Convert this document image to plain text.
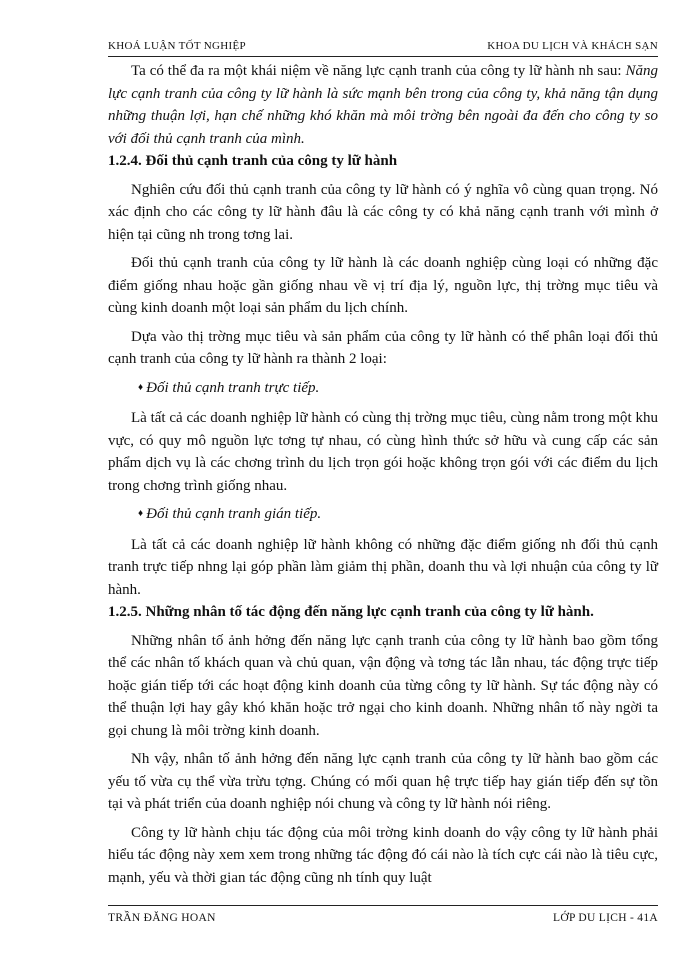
KHOÁ LUẬN TỐT NGHIỆP	KHOA DU LỊCH VÀ KHÁCH SẠN

Ta có thể đa ra một khái niệm về năng lực cạnh tranh của công ty lữ hành nh sau: Năng lực cạnh tranh của công ty lữ hành là sức mạnh bên trong của công ty, khả năng tận dụng những thuận lợi, hạn chế những khó khăn mà môi trờng bên ngoài đa đến cho công ty so với đối thủ cạnh tranh của mình.

1.2.4. Đối thủ cạnh tranh của công ty lữ hành

Nghiên cứu đối thủ cạnh tranh của công ty lữ hành có ý nghĩa vô cùng quan trọng. Nó xác định cho các công ty lữ hành đâu là các công ty có khả năng cạnh tranh với mình ở hiện tại cũng nh trong tơng lai.

Đối thủ cạnh tranh của công ty lữ hành là các doanh nghiệp cùng loại có những đặc điểm giống nhau hoặc gần giống nhau về vị trí địa lý, nguồn lực, thị trờng mục tiêu và cùng kinh doanh một loại sản phẩm du lịch chính.

Dựa vào thị trờng mục tiêu và sản phẩm của công ty lữ hành có thể phân loại đối thủ cạnh tranh của công ty lữ hành ra thành 2 loại:

♦ Đối thủ cạnh tranh trực tiếp.

Là tất cả các doanh nghiệp lữ hành có cùng thị trờng mục tiêu, cùng nằm trong một khu vực, có quy mô nguồn lực tơng tự nhau, có cùng hình thức sở hữu và cung cấp các sản phẩm dịch vụ là các chơng trình du lịch trọn gói hoặc không trọn gói với các điểm du lịch trong chơng trình giống nhau.

♦ Đối thủ cạnh tranh gián tiếp.

Là tất cả các doanh nghiệp lữ hành không có những đặc điểm giống nh đối thủ cạnh tranh trực tiếp nhng lại góp phần làm giảm thị phần, doanh thu và lợi nhuận của công ty lữ hành.

1.2.5. Những nhân tố tác động đến năng lực cạnh tranh của công ty lữ hành.

Những nhân tố ảnh hởng đến năng lực cạnh tranh của công ty lữ hành bao gồm tổng thể các nhân tố khách quan và chủ quan, vận động và tơng tác lẫn nhau, tác động trực tiếp hoặc gián tiếp tới các hoạt động kinh doanh của từng công ty lữ hành. Sự tác động này có thể thuận lợi hay gây khó khăn hoặc trở ngại cho kinh doanh. Những nhân tố này ngời ta gọi chung là môi trờng kinh doanh.

Nh vậy, nhân tố ảnh hởng đến năng lực cạnh tranh của công ty lữ hành bao gồm các yếu tố vừa cụ thể vừa trừu tợng. Chúng có mối quan hệ trực tiếp hay gián tiếp đến sự tồn tại và phát triển của doanh nghiệp nói chung và công ty lữ hành nói riêng.

Công ty lữ hành chịu tác động của môi trờng kinh doanh do vậy công ty lữ hành phải hiểu tác động này xem xem trong những tác động đó cái nào là tích cực cái nào là tiêu cực, mạnh, yếu và thời gian tác động cũng nh tính quy luật

TRẦN ĐĂNG HOAN	LỚP DU LỊCH - 41A
